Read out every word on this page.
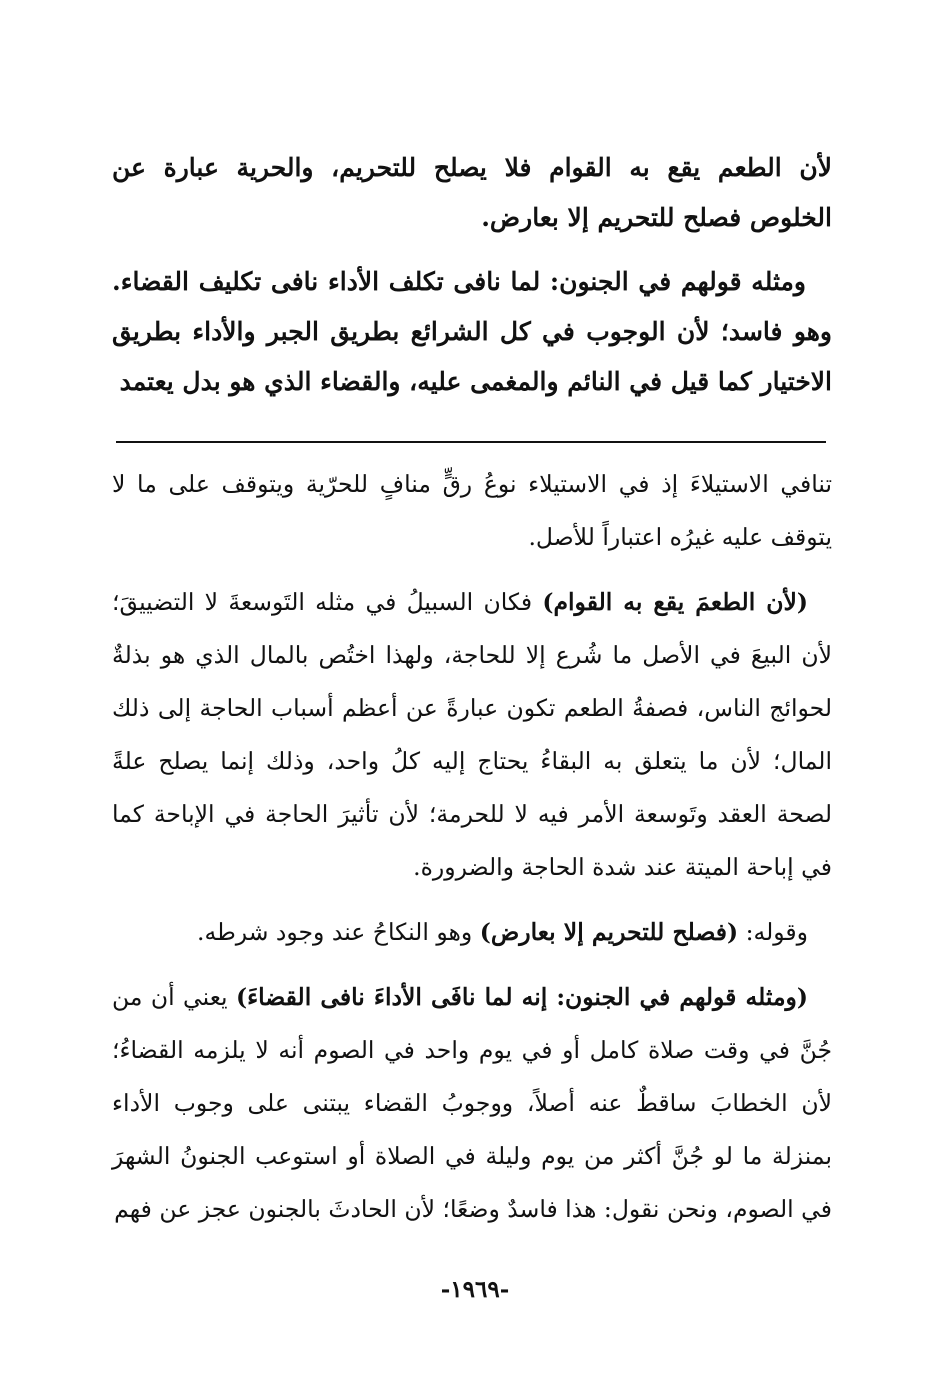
لأن الطعم يقع به القوام فلا يصلح للتحريم، والحرية عبارة عن الخلوص فصلح للتحريم إلا بعارض.

ومثله قولهم في الجنون: لما نافى تكلف الأداء نافى تكليف القضاء. وهو فاسد؛ لأن الوجوب في كل الشرائع بطريق الجبر والأداء بطريق الاختيار كما قيل في النائم والمغمى عليه، والقضاء الذي هو بدل يعتمد

تنافي الاستيلاءَ إذ في الاستيلاء نوعُ رقٍّ منافٍ للحرّية ويتوقف على ما لا يتوقف عليه غيرُه اعتباراً للأصل.

(لأن الطعمَ يقع به القوام) فكان السبيلُ في مثله التَوسعةَ لا التضييقَ؛ لأن البيعَ في الأصل ما شُرع إلا للحاجة، ولهذا اختُص بالمال الذي هو بذلةٌ لحوائج الناس، فصفةُ الطعم تكون عبارةً عن أعظم أسباب الحاجة إلى ذلك المال؛ لأن ما يتعلق به البقاءُ يحتاج إليه كلُ واحد، وذلك إنما يصلح علةً لصحة العقد وتَوسعة الأمر فيه لا للحرمة؛ لأن تأثيرَ الحاجة في الإباحة كما في إباحة الميتة عند شدة الحاجة والضرورة.

وقوله: (فصلح للتحريم إلا بعارض) وهو النكاحُ عند وجود شرطه.

(ومثله قولهم في الجنون: إنه لما نافَى الأداءَ نافى القضاءَ) يعني أن من جُنَّ في وقت صلاة كامل أو في يوم واحد في الصوم أنه لا يلزمه القضاءُ؛ لأن الخطابَ ساقطٌ عنه أصلاً، ووجوبُ القضاء يبتنى على وجوب الأداء بمنزلة ما لو جُنَّ أكثر من يوم وليلة في الصلاة أو استوعب الجنونُ الشهرَ في الصوم، ونحن نقول: هذا فاسدٌ وضعًا؛ لأن الحادثَ بالجنون عجز عن فهم

-١٩٦٩-
